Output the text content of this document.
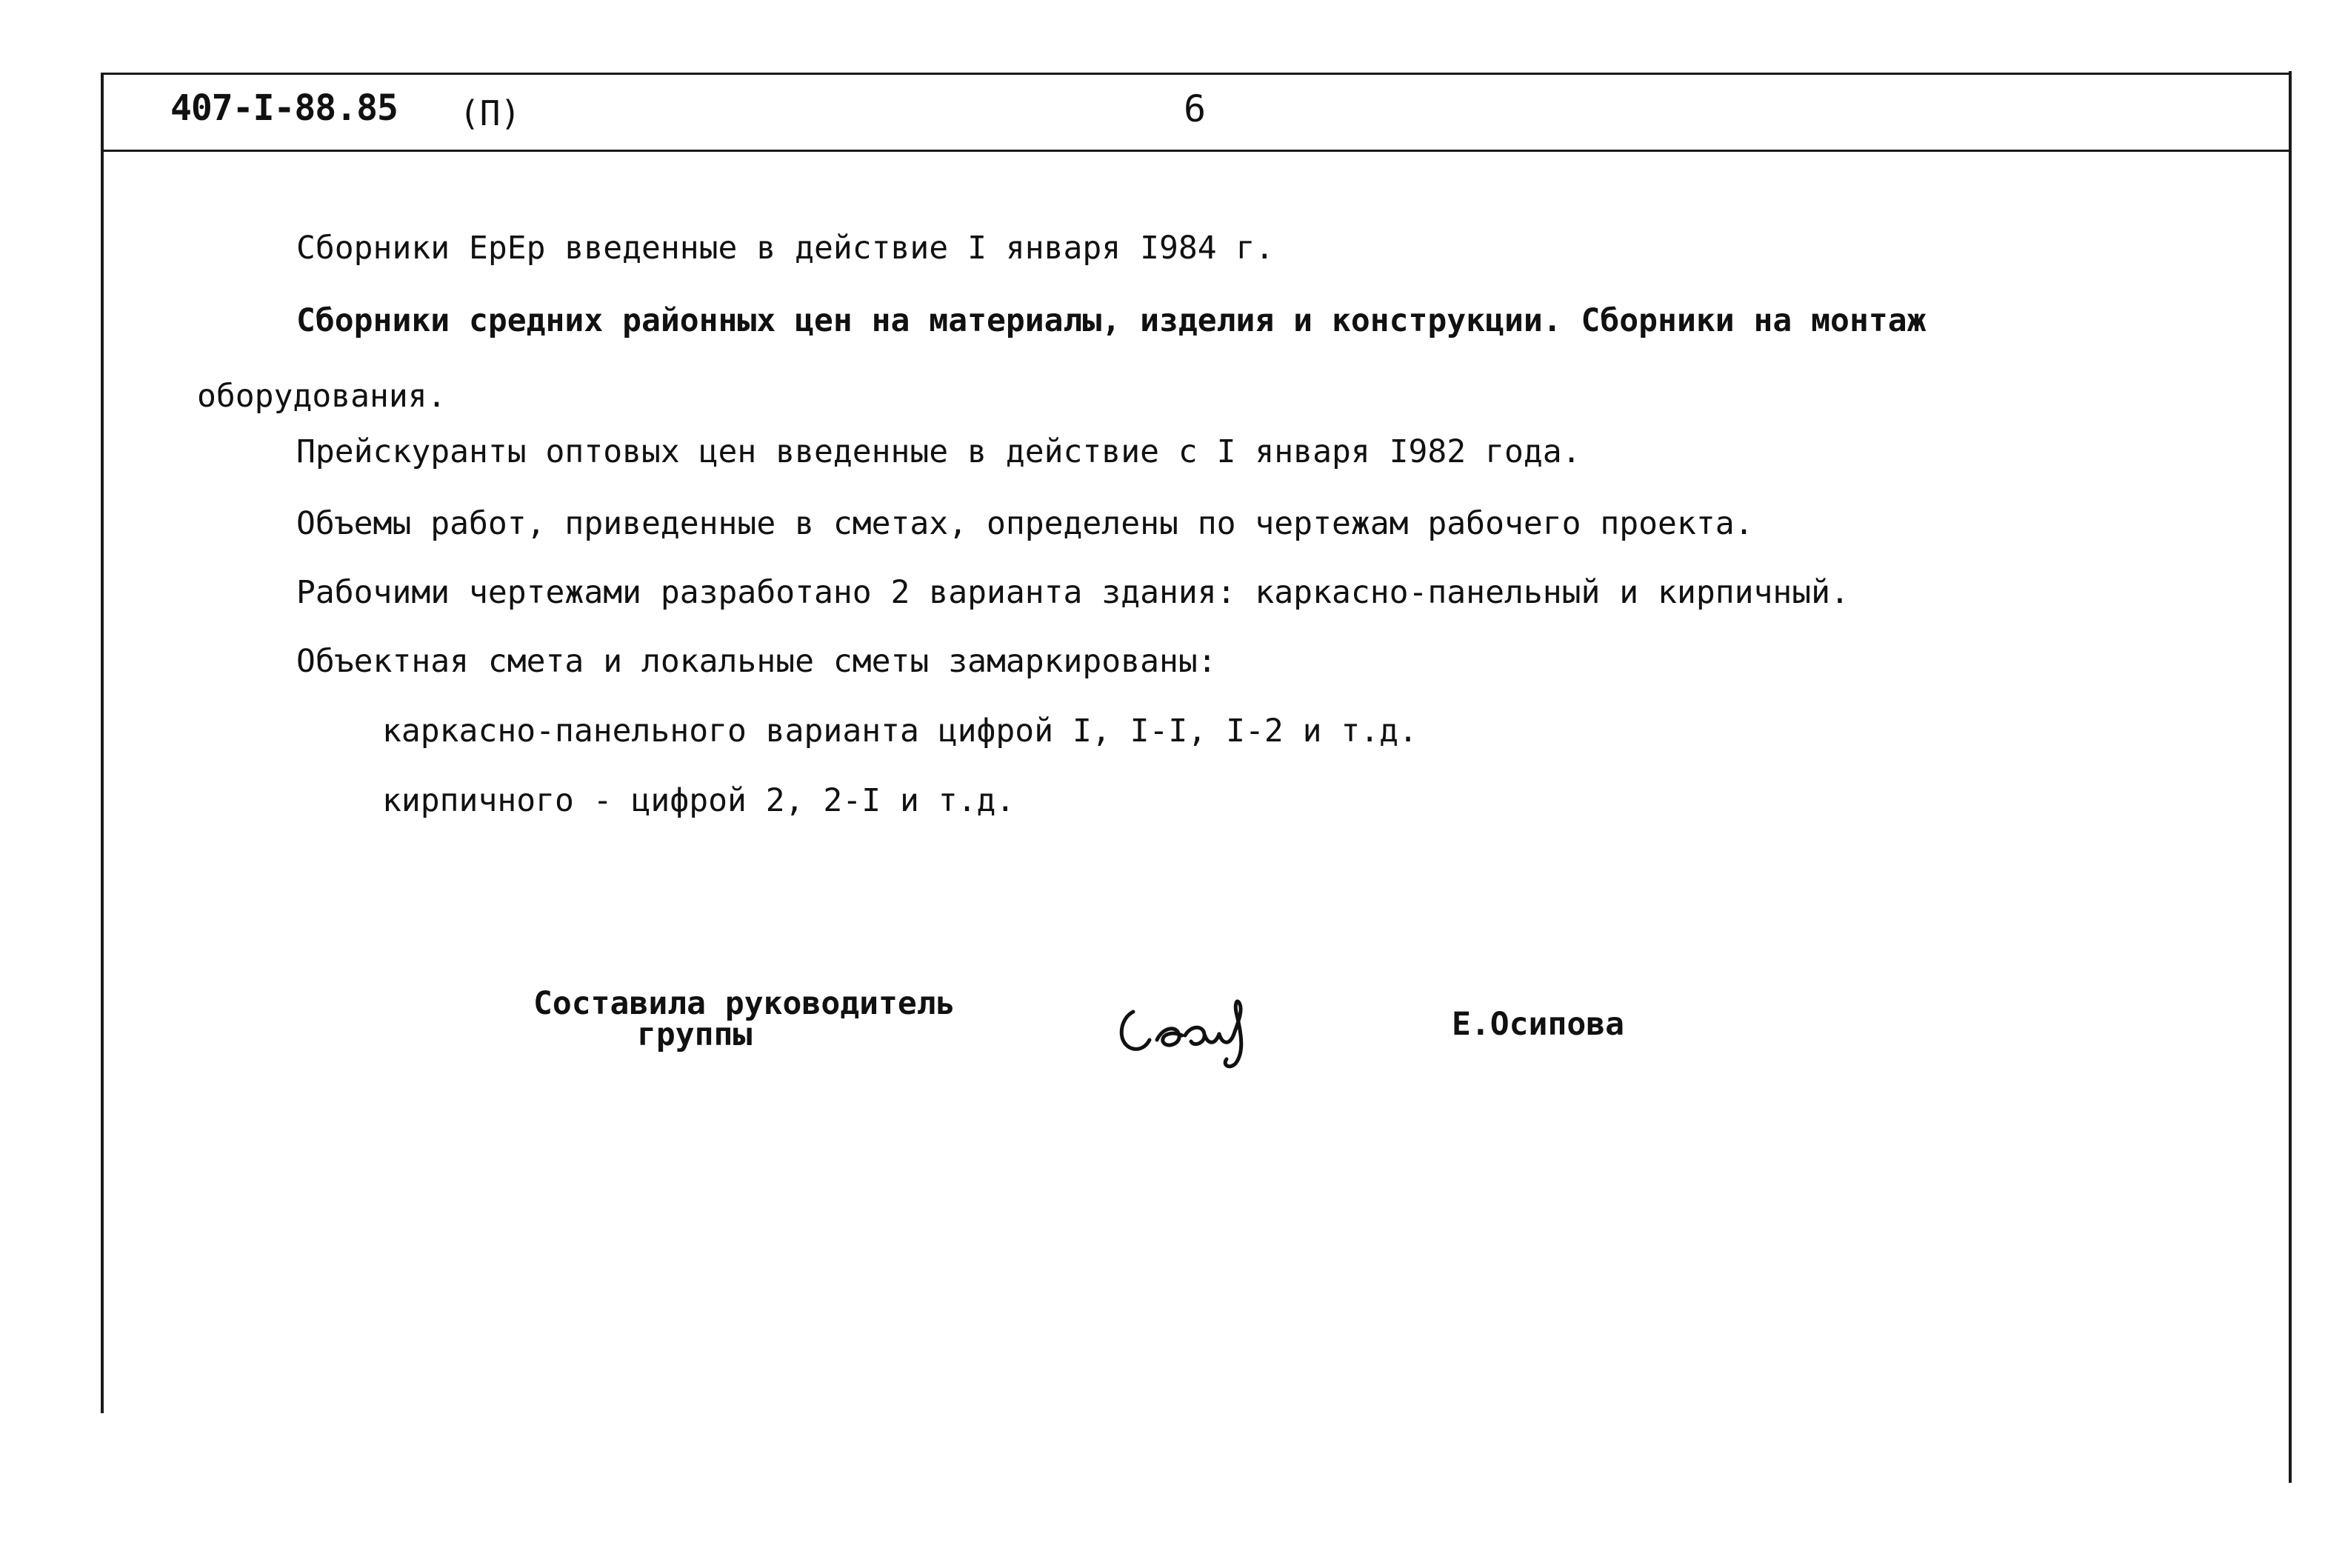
407-I-88.85 (П)	6
Сборники ЕрЕр введенные в действие I января I984 г.
Сборники средних районных цен на материалы, изделия и конструкции. Сборники на монтаж
оборудования.
Прейскуранты оптовых цен введенные в действие с I января I982 года.
Объемы работ, приведенные в сметах, определены по чертежам рабочего проекта.
Рабочими чертежами разработано 2 варианта здания: каркасно-панельный и кирпичный.
Объектная смета и локальные сметы замаркированы:
каркасно-панельного варианта цифрой I, I-I, I-2 и т.д.
кирпичного - цифрой 2, 2-I и т.д.
Составила руководитель
группы	Е.Осипова
